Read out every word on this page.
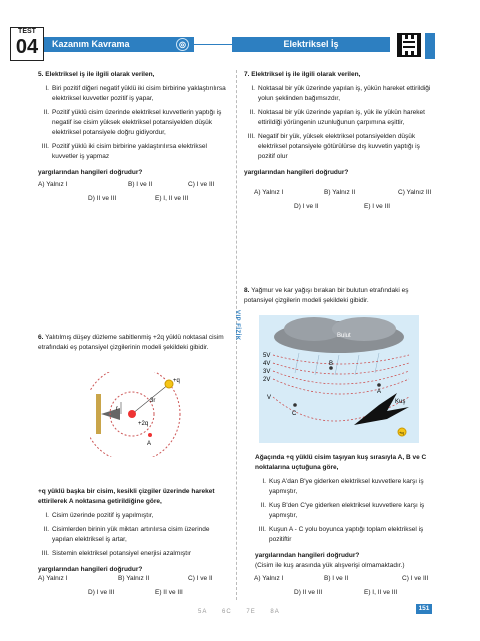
TEST
04	Kazanım Kavrama	◎	Elektriksel İş
VIP FİZİK
5. Elektriksel iş ile ilgili olarak verilen,
I. Biri pozitif diğeri negatif yüklü iki cisim birbirine yaklaştırılırsa elektriksel kuvvetler pozitif iş yapar,
II. Pozitif yüklü cisim üzerinde elektriksel kuvvetlerin yaptığı iş negatif ise cisim yüksek elektriksel potansiyelden düşük elektriksel potansiyele doğru gidiyordur,
III. Pozitif yüklü iki cisim birbirine yaklaştırılırsa elektriksel kuvvetler iş yapmaz
yargılarından hangileri doğrudur?
A) Yalnız I	B) I ve II	C) I ve III
D) II ve III	E) I, II ve III
6. Yalıtılmış düşey düzleme sabitlenmiş +2q yüklü noktasal cisim etrafındaki eş potansiyel çizgilerinin modeli şekildeki gibidir.
+q
3r
r
+2q
A
+q yüklü başka bir cisim, kesikli çizgiler üzerinde hareket ettirilerek A noktasına getirildiğine göre,
I. Cisim üzerinde pozitif iş yapılmıştır,
II. Cisimlerden birinin yük miktarı artırılırsa cisim üzerinde yapılan elektriksel iş artar,
III. Sistemin elektriksel potansiyel enerjisi azalmıştır
yargılarından hangileri doğrudur?
A) Yalnız I	B) Yalnız II	C) I ve II
D) I ve III	E) II ve III
7. Elektriksel iş ile ilgili olarak verilen,
I. Noktasal bir yük üzerinde yapılan iş, yükün hareket ettirildiği yolun şeklinden bağımsızdır,
II. Noktasal bir yük üzerinde yapılan iş, yük ile yükün hareket ettirildiği yörüngenin uzunluğunun çarpımına eşittir,
III. Negatif bir yük, yüksek elektriksel potansiyelden düşük elektriksel potansiyele götürülürse dış kuvvetin yaptığı iş pozitif olur
yargılarından hangileri doğrudur?
A) Yalnız I	B) Yalnız II	C) Yalnız III
D) I ve II	E) I ve III
8. Yağmur ve kar yağışı bırakan bir bulutun etrafındaki eş potansiyel çizgilerin modeli şekildeki gibidir.
Bulut
5V
4V
3V
2V
V
B
A
C
Kuş
+q
Ağaçında +q yüklü cisim taşıyan kuş sırasıyla A, B ve C noktalarına uçtuğuna göre,
I. Kuş A'dan B'ye giderken elektriksel kuvvetlere karşı iş yapmıştır,
II. Kuş B'den C'ye giderken elektriksel kuvvetlere karşı iş yapmıştır,
III. Kuşun A - C yolu boyunca yaptığı toplam elektriksel iş pozitiftir
yargılarından hangileri doğrudur?
(Cisim ile kuş arasında yük alışverişi olmamaktadır.)
A) Yalnız I	B) I ve II	C) I ve III
D) II ve III	E) I, II ve III
5A 6C 7E 8A	151
